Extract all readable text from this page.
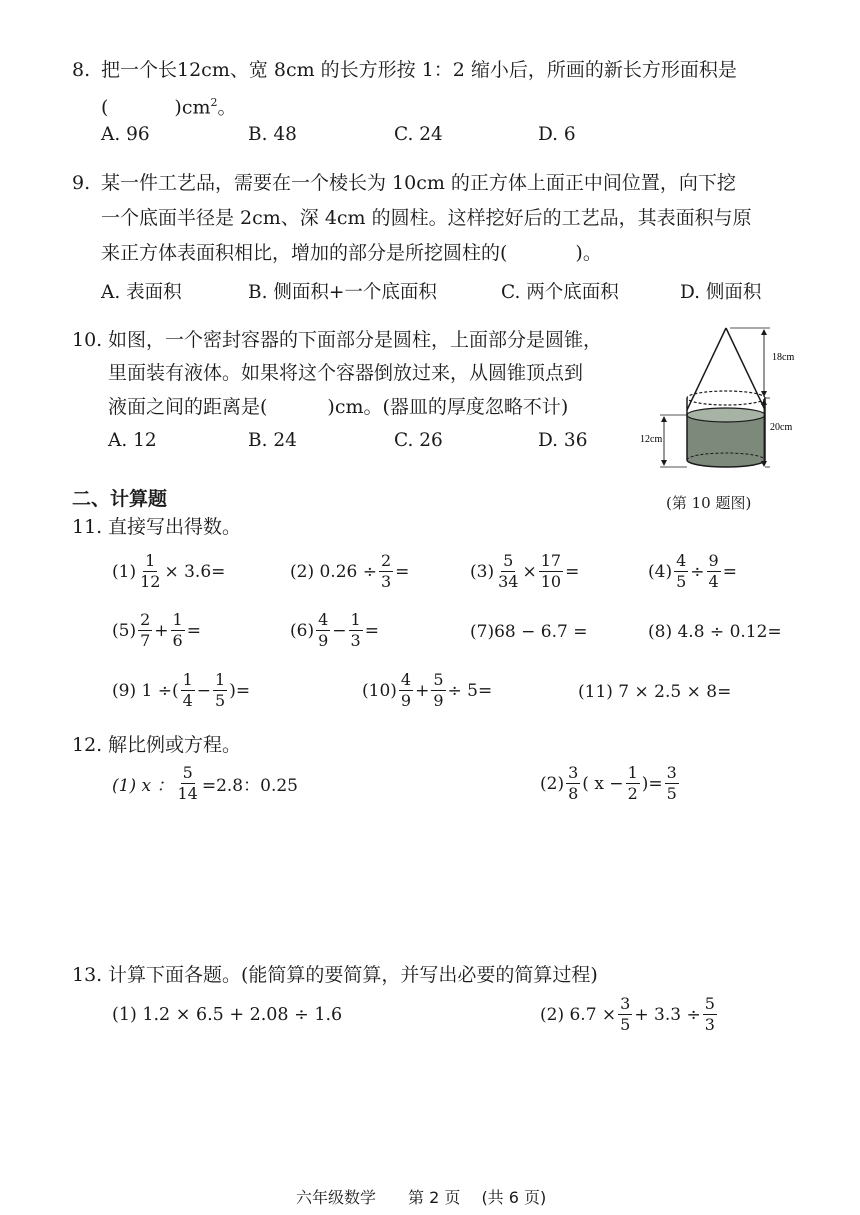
8. 把一个长12cm、宽 8cm 的长方形按 1：2 缩小后，所画的新长方形面积是
(	)$cm^2$。
A. 96	B. 48	C. 24	D. 6
9. 某一件工艺品，需要在一个棱长为 10cm 的正方体上面正中间位置，向下挖
一个底面半径是 2cm、深 4cm 的圆柱。这样挖好后的工艺品，其表面积与原
来正方体表面积相比，增加的部分是所挖圆柱的(	)。
A. 表面积	B. 侧面积+一个底面积	C. 两个底面积	D. 侧面积
10. 如图，一个密封容器的下面部分是圆柱，上面部分是圆锥，
里面装有液体。如果将这个容器倒放过来，从圆锥顶点到
液面之间的距离是(	)cm。(器皿的厚度忽略不计)
A. 12	B. 24	C. 26	D. 36
18cm
20cm
12cm
(第 10 题图)
二、计算题
11. 直接写出得数。
$(1) \frac{1}{12} \times 3.6=$	(2) $0.26 \div \frac{2}{3}$ =	$(3) \frac{5}{34} \times \frac{17}{10}$ =	$(4) \frac{4}{5} \div \frac{9}{4}$ =
$(5) \frac{2}{7} + \frac{1}{6}$ =	$(6) \frac{4}{9} - \frac{1}{3}$ =	(7)68 − 6.7 =	(8) 4.8 ÷ 0.12=
(9) 1 ÷( $\frac{1}{4} - \frac{1}{5}$ )=	$(10) \frac{4}{9} + \frac{5}{9} \div 5=$	(11) 7 × 2.5 × 8=
12. 解比例或方程。
(1) x ： $\frac{5}{14} =2.8$：0.25	$(2) \frac{3}{8}$ ( $x - \frac{1}{2}$ )= $\frac{3}{5}$
13. 计算下面各题。(能简算的要简算，并写出必要的简算过程)
(1) 1.2 × 6.5 + 2.08 ÷ 1.6	(2) $6.7 \times \frac{3}{5} + 3.3 \div \frac{5}{3}$
六年级数学　　第 2 页　 (共 6 页)
